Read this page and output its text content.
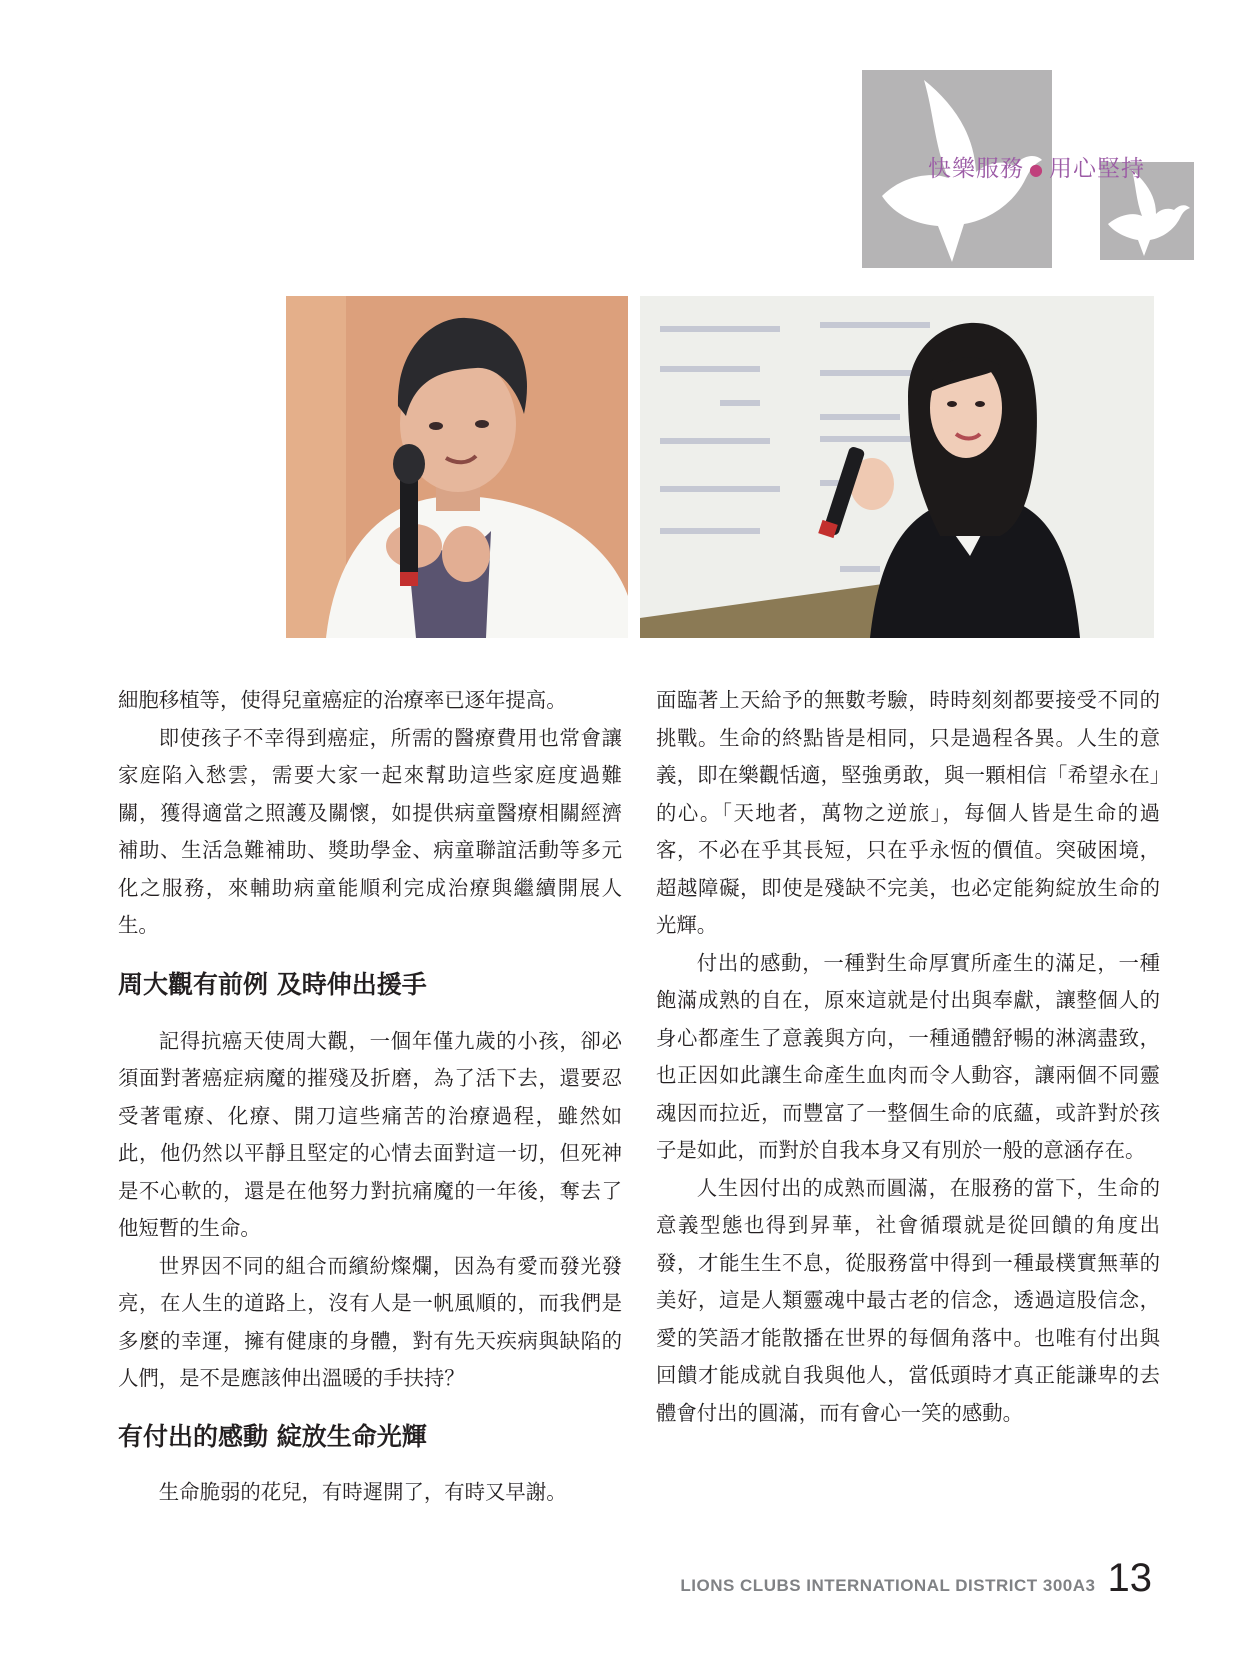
快樂服務 ● 用心堅持

細胞移植等，使得兒童癌症的治療率已逐年提高。

即使孩子不幸得到癌症，所需的醫療費用也常會讓家庭陷入愁雲，需要大家一起來幫助這些家庭度過難關，獲得適當之照護及關懷，如提供病童醫療相關經濟補助、生活急難補助、獎助學金、病童聯誼活動等多元化之服務，來輔助病童能順利完成治療與繼續開展人生。

周大觀有前例 及時伸出援手

記得抗癌天使周大觀，一個年僅九歲的小孩，卻必須面對著癌症病魔的摧殘及折磨，為了活下去，還要忍受著電療、化療、開刀這些痛苦的治療過程，雖然如此，他仍然以平靜且堅定的心情去面對這一切，但死神是不心軟的，還是在他努力對抗痛魔的一年後，奪去了他短暫的生命。

世界因不同的組合而繽紛燦爛，因為有愛而發光發亮，在人生的道路上，沒有人是一帆風順的，而我們是多麼的幸運，擁有健康的身體，對有先天疾病與缺陷的人們，是不是應該伸出溫暖的手扶持？

有付出的感動 綻放生命光輝

生命脆弱的花兒，有時遲開了，有時又早謝。

面臨著上天給予的無數考驗，時時刻刻都要接受不同的挑戰。生命的終點皆是相同，只是過程各異。人生的意義，即在樂觀恬適，堅強勇敢，與一顆相信「希望永在」的心。「天地者，萬物之逆旅」，每個人皆是生命的過客，不必在乎其長短，只在乎永恆的價值。突破困境，超越障礙，即使是殘缺不完美，也必定能夠綻放生命的光輝。

付出的感動，一種對生命厚實所產生的滿足，一種飽滿成熟的自在，原來這就是付出與奉獻，讓整個人的身心都產生了意義與方向，一種通體舒暢的淋漓盡致，也正因如此讓生命產生血肉而令人動容，讓兩個不同靈魂因而拉近，而豐富了一整個生命的底蘊，或許對於孩子是如此，而對於自我本身又有別於一般的意涵存在。

人生因付出的成熟而圓滿，在服務的當下，生命的意義型態也得到昇華，社會循環就是從回饋的角度出發，才能生生不息，從服務當中得到一種最樸實無華的美好，這是人類靈魂中最古老的信念，透過這股信念，愛的笑語才能散播在世界的每個角落中。也唯有付出與回饋才能成就自我與他人，當低頭時才真正能謙卑的去體會付出的圓滿，而有會心一笑的感動。

LIONS CLUBS INTERNATIONAL DISTRICT 300A3 13
